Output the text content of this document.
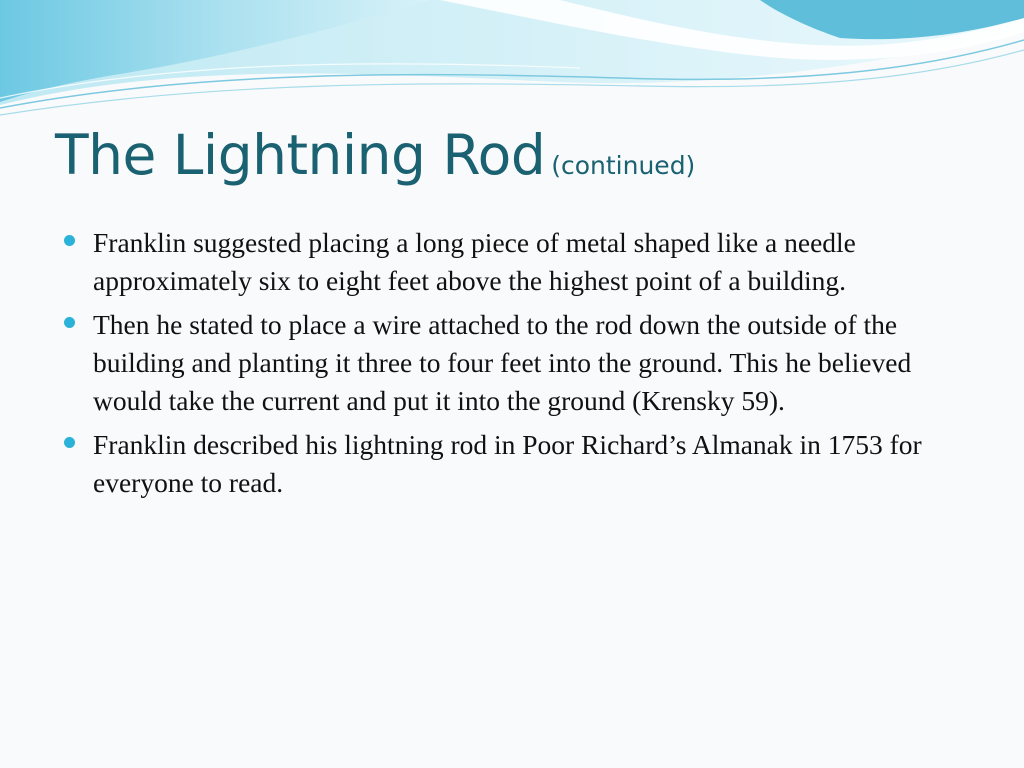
The Lightning Rod (continued)
Franklin suggested placing a long piece of metal shaped like a needle approximately six to eight feet above the highest point of a building.
Then he stated to place a wire attached to the rod down the outside of the building and planting it three to four feet into the ground. This he believed would take the current and put it into the ground (Krensky 59).
Franklin described his lightning rod in Poor Richard’s Almanak in 1753 for everyone to read.
